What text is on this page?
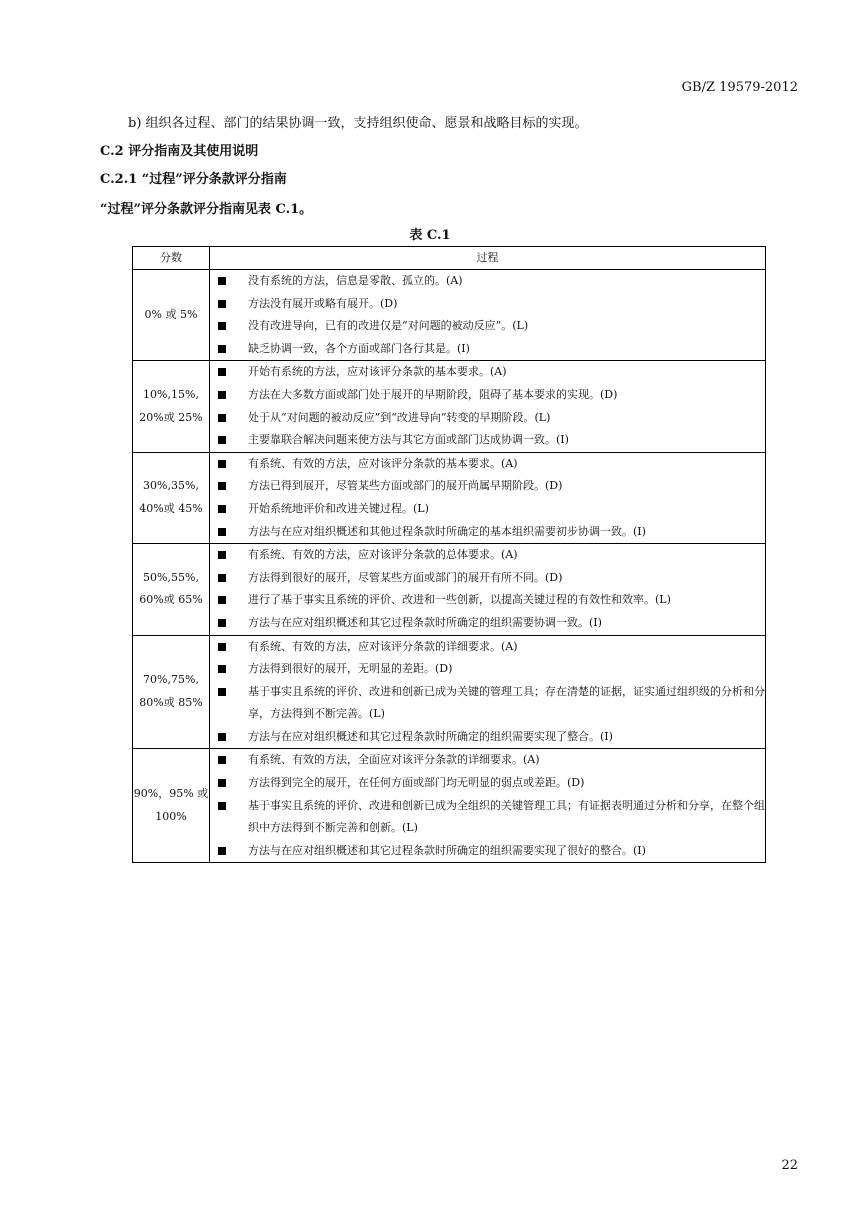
GB/Z 19579-2012
b) 组织各过程、部门的结果协调一致，支持组织使命、愿景和战略目标的实现。
C.2 评分指南及其使用说明
C.2.1 “过程”评分条款评分指南
“过程”评分条款评分指南见表 C.1。
表 C.1
分数	过程
0% 或 5%	没有系统的方法，信息是零散、孤立的。(A)
方法没有展开或略有展开。(D)
没有改进导向，已有的改进仅是“对问题的被动反应”。(L)
缺乏协调一致，各个方面或部门各行其是。(I)

10%,15%, 20%或 25%	开始有系统的方法，应对该评分条款的基本要求。(A)
方法在大多数方面或部门处于展开的早期阶段，阻碍了基本要求的实现。(D)
处于从“对问题的被动反应”到“改进导向”转变的早期阶段。(L)
主要靠联合解决问题来使方法与其它方面或部门达成协调一致。(I)

30%,35%, 40%或 45%	有系统、有效的方法，应对该评分条款的基本要求。(A)
方法已得到展开，尽管某些方面或部门的展开尚属早期阶段。(D)
开始系统地评价和改进关键过程。(L)
方法与在应对组织概述和其他过程条款时所确定的基本组织需要初步协调一致。(I)

50%,55%, 60%或 65%	有系统、有效的方法，应对该评分条款的总体要求。(A)
方法得到很好的展开，尽管某些方面或部门的展开有所不同。(D)
进行了基于事实且系统的评价、改进和一些创新，以提高关键过程的有效性和效率。(L)
方法与在应对组织概述和其它过程条款时所确定的组织需要协调一致。(I)

70%,75%, 80%或 85%	有系统、有效的方法，应对该评分条款的详细要求。(A)
方法得到很好的展开，无明显的差距。(D)
基于事实且系统的评价、改进和创新已成为关键的管理工具；存在清楚的证据，证实通过组织级的分析和分享，方法得到不断完善。(L)
方法与在应对组织概述和其它过程条款时所确定的组织需要实现了整合。(I)

90%，95% 或 100%	有系统、有效的方法，全面应对该评分条款的详细要求。(A)
方法得到完全的展开，在任何方面或部门均无明显的弱点或差距。(D)
基于事实且系统的评价、改进和创新已成为全组织的关键管理工具；有证据表明通过分析和分享，在整个组织中方法得到不断完善和创新。(L)
方法与在应对组织概述和其它过程条款时所确定的组织需要实现了很好的整合。(I)
22
